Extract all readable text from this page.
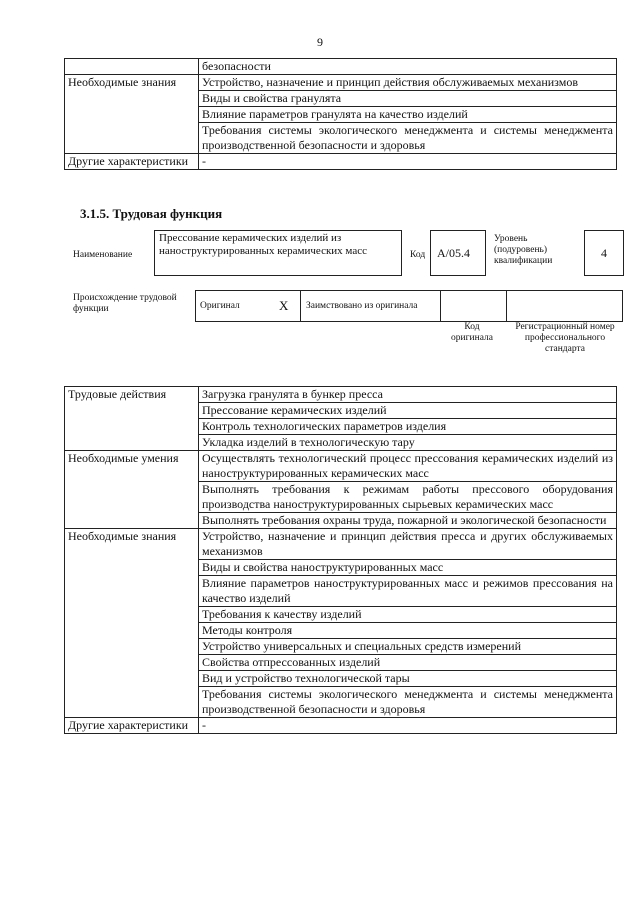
9
	безопасности
Необходимые знания	Устройство, назначение и принцип действия обслуживаемых механизмов
	Виды и свойства гранулята
	Влияние параметров гранулята на качество изделий
	Требования системы экологического менеджмента и системы менеджмента производственной безопасности и здоровья
Другие характеристики	-
3.1.5. Трудовая функция
Наименование
Прессование керамических изделий из наноструктурированных керамических масс	Код A/05.4
Уровень (подуровень) квалификации
4
Происхождение трудовой функции	Оригинал	X Заимствовано из оригинала
Код оригинала
Регистрационный номер профессионального стандарта
Трудовые действия	Загрузка гранулята в бункер пресса
	Прессование керамических изделий
	Контроль технологических параметров изделия
	Укладка изделий в технологическую тару
Необходимые умения	Осуществлять технологический процесс прессования керамических изделий из наноструктурированных керамических масс
	Выполнять требования к режимам работы прессового оборудования производства наноструктурированных сырьевых керамических масс
	Выполнять требования охраны труда, пожарной и экологической безопасности
Необходимые знания	Устройство, назначение и принцип действия пресса и других обслуживаемых механизмов
	Виды и свойства наноструктурированных масс
	Влияние параметров наноструктурированных масс и режимов прессования на качество изделий
	Требования к качеству изделий
	Методы контроля
	Устройство универсальных и специальных средств измерений
	Свойства отпрессованных изделий
	Вид и устройство технологической тары
	Требования системы экологического менеджмента и системы менеджмента производственной безопасности и здоровья
Другие характеристики	-
